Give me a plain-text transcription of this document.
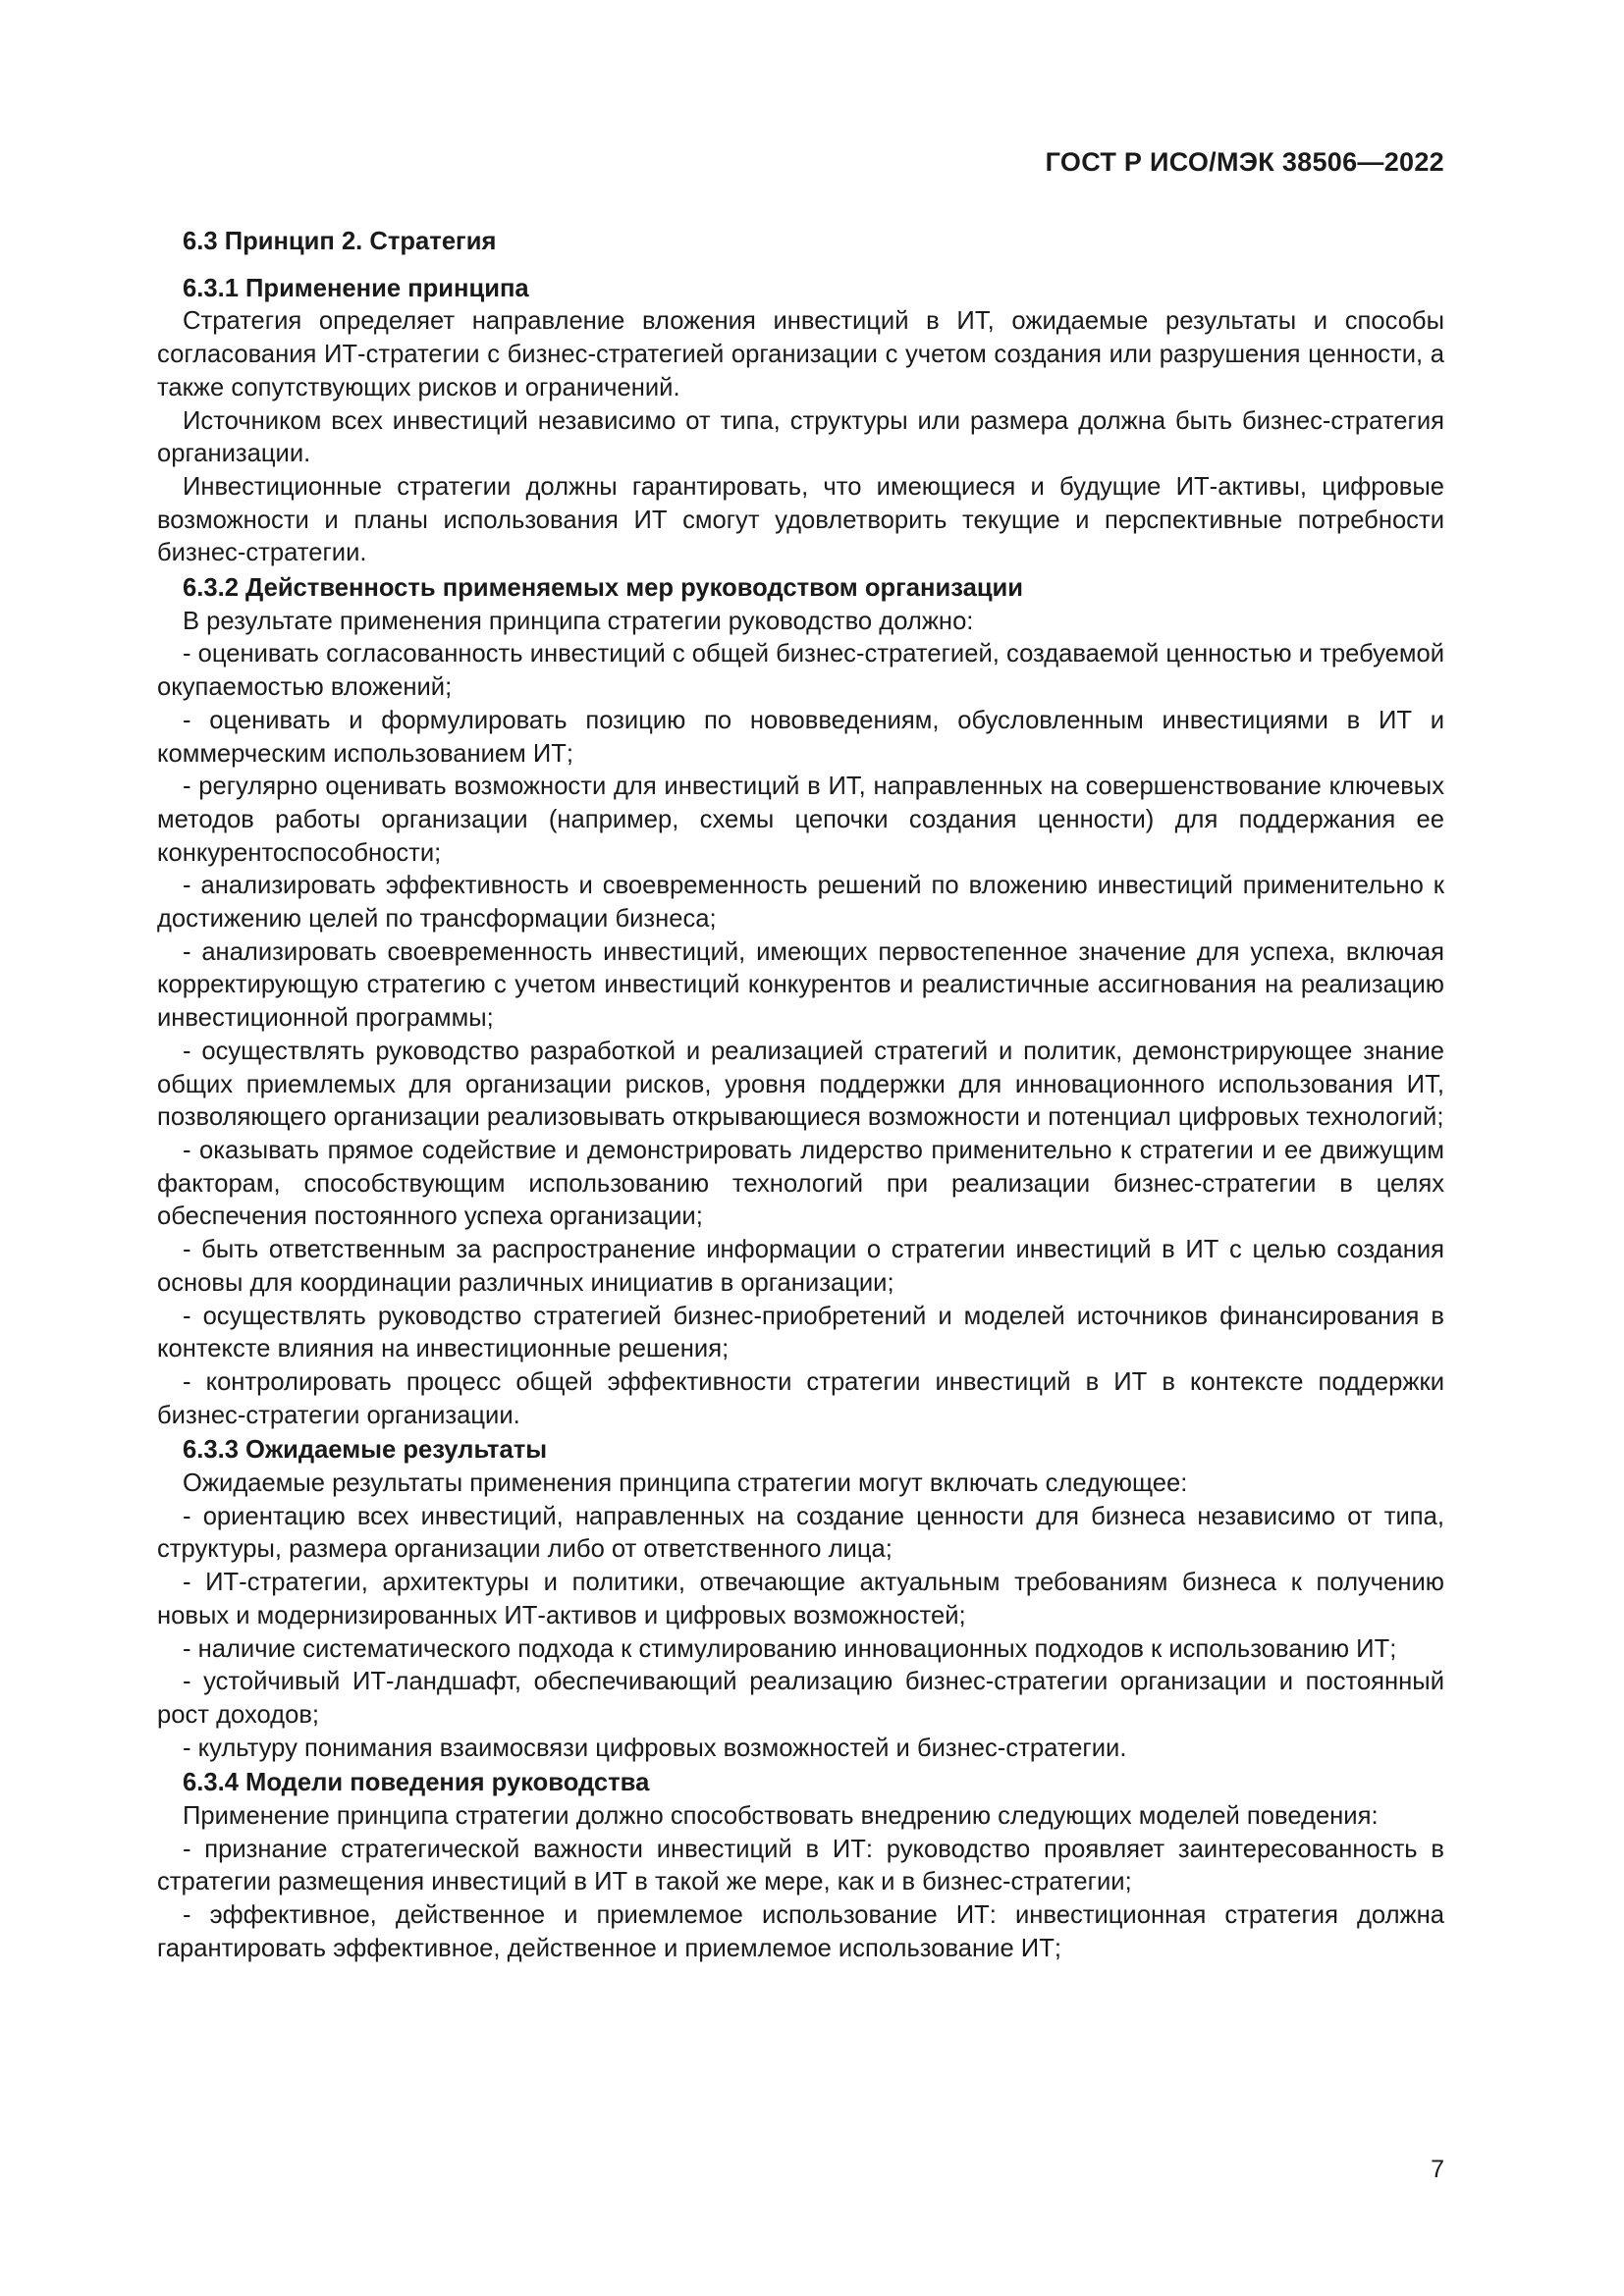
ГОСТ Р ИСО/МЭК 38506—2022
6.3 Принцип 2. Стратегия
6.3.1 Применение принципа

Стратегия определяет направление вложения инвестиций в ИТ, ожидаемые результаты и способы согласования ИТ-стратегии с бизнес-стратегией организации с учетом создания или разрушения ценности, а также сопутствующих рисков и ограничений.

Источником всех инвестиций независимо от типа, структуры или размера должна быть бизнес-стратегия организации.

Инвестиционные стратегии должны гарантировать, что имеющиеся и будущие ИТ-активы, цифровые возможности и планы использования ИТ смогут удовлетворить текущие и перспективные потребности бизнес-стратегии.

6.3.2 Действенность применяемых мер руководством организации

В результате применения принципа стратегии руководство должно:

- оценивать согласованность инвестиций с общей бизнес-стратегией, создаваемой ценностью и требуемой окупаемостью вложений;

- оценивать и формулировать позицию по нововведениям, обусловленным инвестициями в ИТ и коммерческим использованием ИТ;

- регулярно оценивать возможности для инвестиций в ИТ, направленных на совершенствование ключевых методов работы организации (например, схемы цепочки создания ценности) для поддержания ее конкурентоспособности;

- анализировать эффективность и своевременность решений по вложению инвестиций применительно к достижению целей по трансформации бизнеса;

- анализировать своевременность инвестиций, имеющих первостепенное значение для успеха, включая корректирующую стратегию с учетом инвестиций конкурентов и реалистичные ассигнования на реализацию инвестиционной программы;

- осуществлять руководство разработкой и реализацией стратегий и политик, демонстрирующее знание общих приемлемых для организации рисков, уровня поддержки для инновационного использования ИТ, позволяющего организации реализовывать открывающиеся возможности и потенциал цифровых технологий;

- оказывать прямое содействие и демонстрировать лидерство применительно к стратегии и ее движущим факторам, способствующим использованию технологий при реализации бизнес-стратегии в целях обеспечения постоянного успеха организации;

- быть ответственным за распространение информации о стратегии инвестиций в ИТ с целью создания основы для координации различных инициатив в организации;

- осуществлять руководство стратегией бизнес-приобретений и моделей источников финансирования в контексте влияния на инвестиционные решения;

- контролировать процесс общей эффективности стратегии инвестиций в ИТ в контексте поддержки бизнес-стратегии организации.

6.3.3 Ожидаемые результаты

Ожидаемые результаты применения принципа стратегии могут включать следующее:

- ориентацию всех инвестиций, направленных на создание ценности для бизнеса независимо от типа, структуры, размера организации либо от ответственного лица;

- ИТ-стратегии, архитектуры и политики, отвечающие актуальным требованиям бизнеса к получению новых и модернизированных ИТ-активов и цифровых возможностей;

- наличие систематического подхода к стимулированию инновационных подходов к использованию ИТ;

- устойчивый ИТ-ландшафт, обеспечивающий реализацию бизнес-стратегии организации и постоянный рост доходов;

- культуру понимания взаимосвязи цифровых возможностей и бизнес-стратегии.

6.3.4 Модели поведения руководства

Применение принципа стратегии должно способствовать внедрению следующих моделей поведения:

- признание стратегической важности инвестиций в ИТ: руководство проявляет заинтересованность в стратегии размещения инвестиций в ИТ в такой же мере, как и в бизнес-стратегии;

- эффективное, действенное и приемлемое использование ИТ: инвестиционная стратегия должна гарантировать эффективное, действенное и приемлемое использование ИТ;

7
